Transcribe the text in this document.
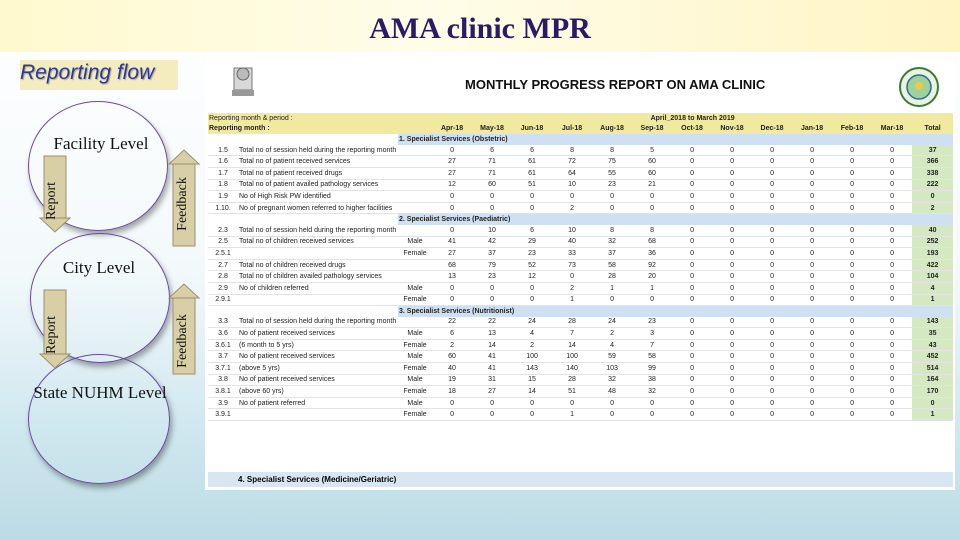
AMA clinic MPR
Reporting flow
Facility Level
City Level
State NUHM Level
Report	Feedback
Report	Feedback
MONTHLY PROGRESS REPORT ON AMA CLINIC
Reporting month & period :			April_2018 to March 2019												
Reporting month :			Apr-18	May-18	Jun-18	Jul-18	Aug-18	Sep-18	Oct-18	Nov-18	Dec-18	Jan-18	Feb-18	Mar-18	Total
		1. Specialist Services (Obstetric)													
1.5	Total no of session held during the reporting month		0	6	6	8	8	5	0	0	0	0	0	0	37
1.6	Total no of patient received services		27	71	61	72	75	60	0	0	0	0	0	0	366
1.7	Total no of patient received drugs		27	71	61	64	55	60	0	0	0	0	0	0	338
1.8	Total no of patient availed pathology services		12	60	51	10	23	21	0	0	0	0	0	0	222
1.9	No of High Risk PW identified		0	0	0	0	0	0	0	0	0	0	0	0	0
1.10.	No of pregnant women referred to higher facilities		0	0	0	2	0	0	0	0	0	0	0	0	2
		2. Specialist Services (Paediatric)													
2.3	Total no of session held during the reporting month		0	10	6	10	8	8	0	0	0	0	0	0	40
2.5	Total no of children received services	Male	41	42	29	40	32	68	0	0	0	0	0	0	252
2.5.1		Female	27	37	23	33	37	36	0	0	0	0	0	0	193
2.7	Total no of children received drugs		68	79	52	73	58	92	0	0	0	0	0	0	422
2.8	Total no of children availed pathology services		13	23	12	0	28	20	0	0	0	0	0	0	104
2.9	No of children referred	Male	0	0	0	2	1	1	0	0	0	0	0	0	4
2.9.1		Female	0	0	0	1	0	0	0	0	0	0	0	0	1
		3. Specialist Services (Nutritionist)													
3.3	Total no of session held during the reporting month		22	22	24	28	24	23	0	0	0	0	0	0	143
3.6	No of patient received services	Male	6	13	4	7	2	3	0	0	0	0	0	0	35
3.6.1	(6 month to 5 yrs)	Female	2	14	2	14	4	7	0	0	0	0	0	0	43
3.7	No of patient received services	Male	60	41	100	100	59	58	0	0	0	0	0	0	452
3.7.1	(above 5 yrs)	Female	40	41	143	140	103	99	0	0	0	0	0	0	514
3.8	No of patient received services	Male	19	31	15	28	32	38	0	0	0	0	0	0	164
3.8.1	(above 60 yrs)	Female	18	27	14	51	48	32	0	0	0	0	0	0	170
3.9	No of patient referred	Male	0	0	0	0	0	0	0	0	0	0	0	0	0
3.9.1		Female	0	0	0	1	0	0	0	0	0	0	0	0	1
4. Specialist Services (Medicine/Geriatric)
